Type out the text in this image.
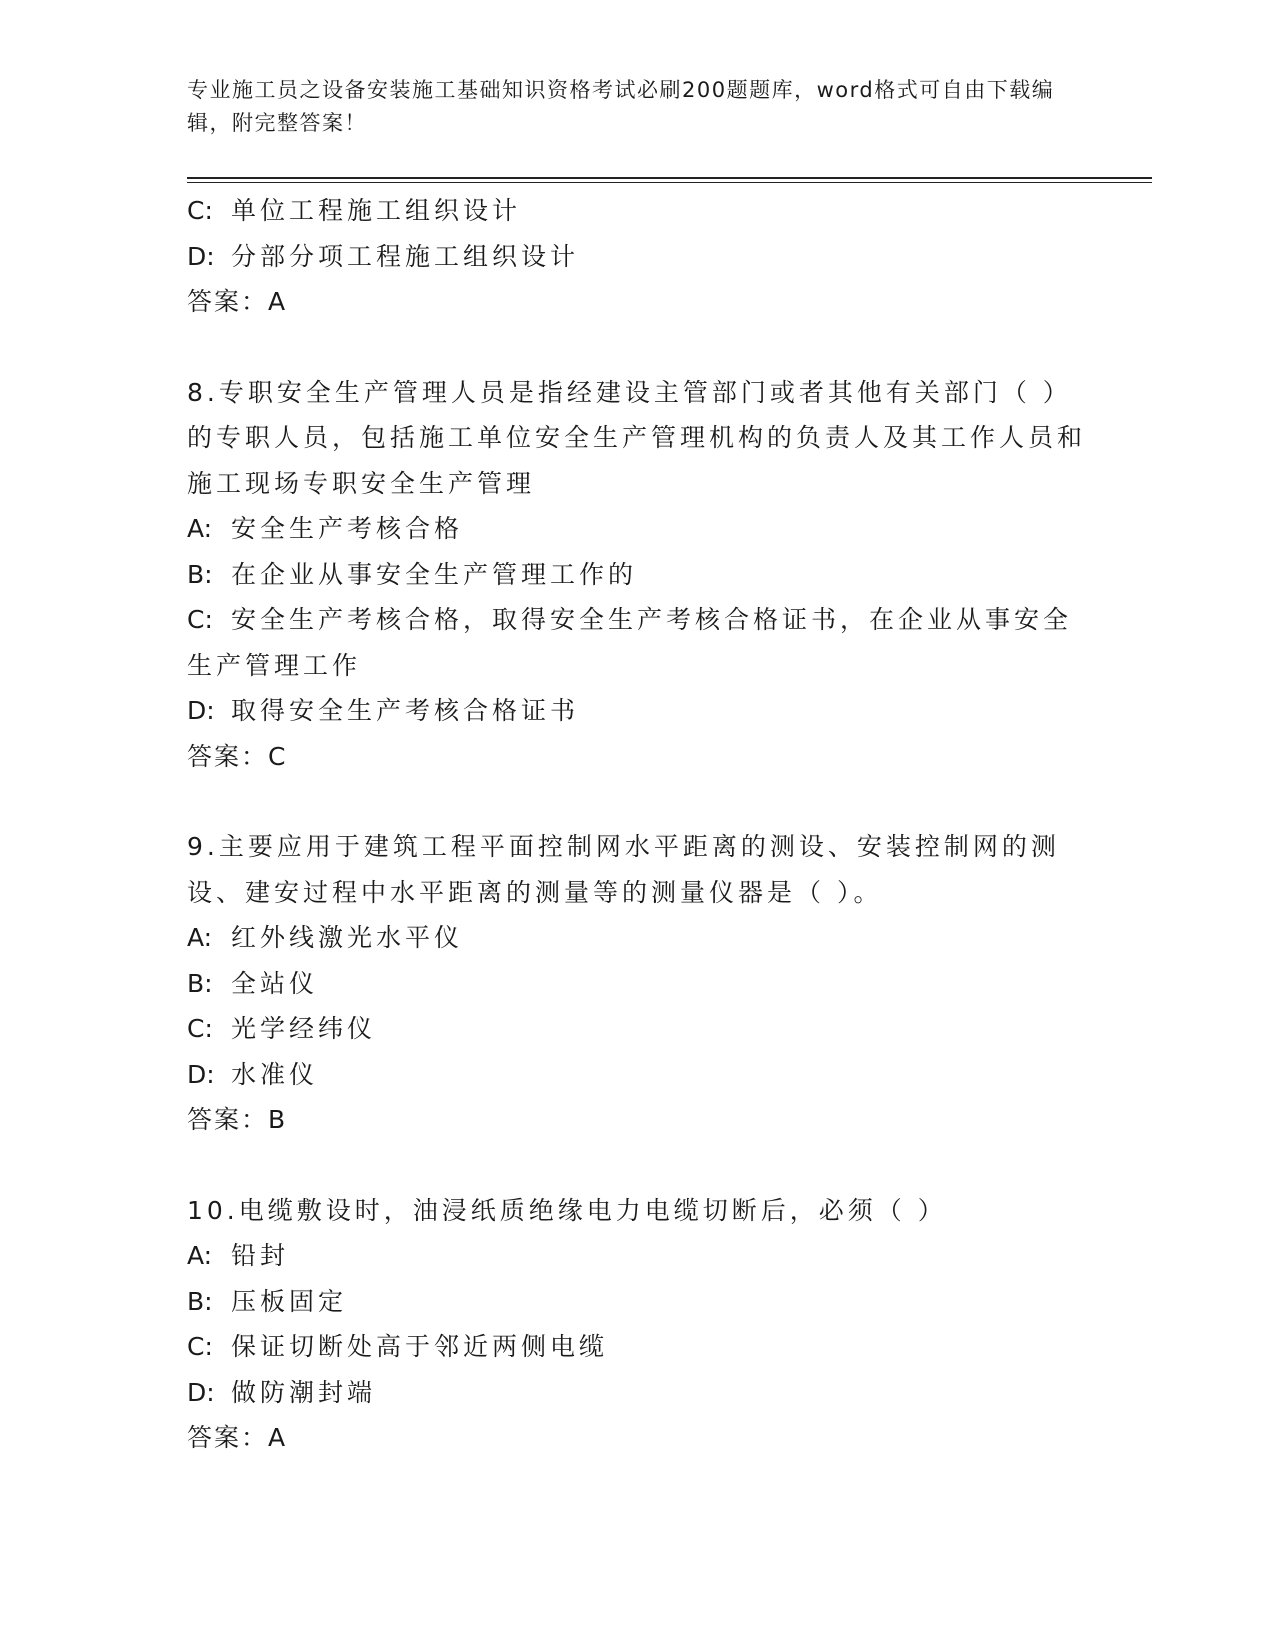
专业施工员之设备安装施工基础知识资格考试必刷200题题库，word格式可自由下载编辑，附完整答案！
C: 单位工程施工组织设计
D: 分部分项工程施工组织设计
答案：A
8.专职安全生产管理人员是指经建设主管部门或者其他有关部门（ ）的专职人员，包括施工单位安全生产管理机构的负责人及其工作人员和施工现场专职安全生产管理
A: 安全生产考核合格
B: 在企业从事安全生产管理工作的
C: 安全生产考核合格，取得安全生产考核合格证书，在企业从事安全生产管理工作
D: 取得安全生产考核合格证书
答案：C
9.主要应用于建筑工程平面控制网水平距离的测设、安装控制网的测设、建安过程中水平距离的测量等的测量仪器是（ ）。
A: 红外线激光水平仪
B: 全站仪
C: 光学经纬仪
D: 水准仪
答案：B
10.电缆敷设时，油浸纸质绝缘电力电缆切断后，必须（ ）
A: 铅封
B: 压板固定
C: 保证切断处高于邻近两侧电缆
D: 做防潮封端
答案：A
